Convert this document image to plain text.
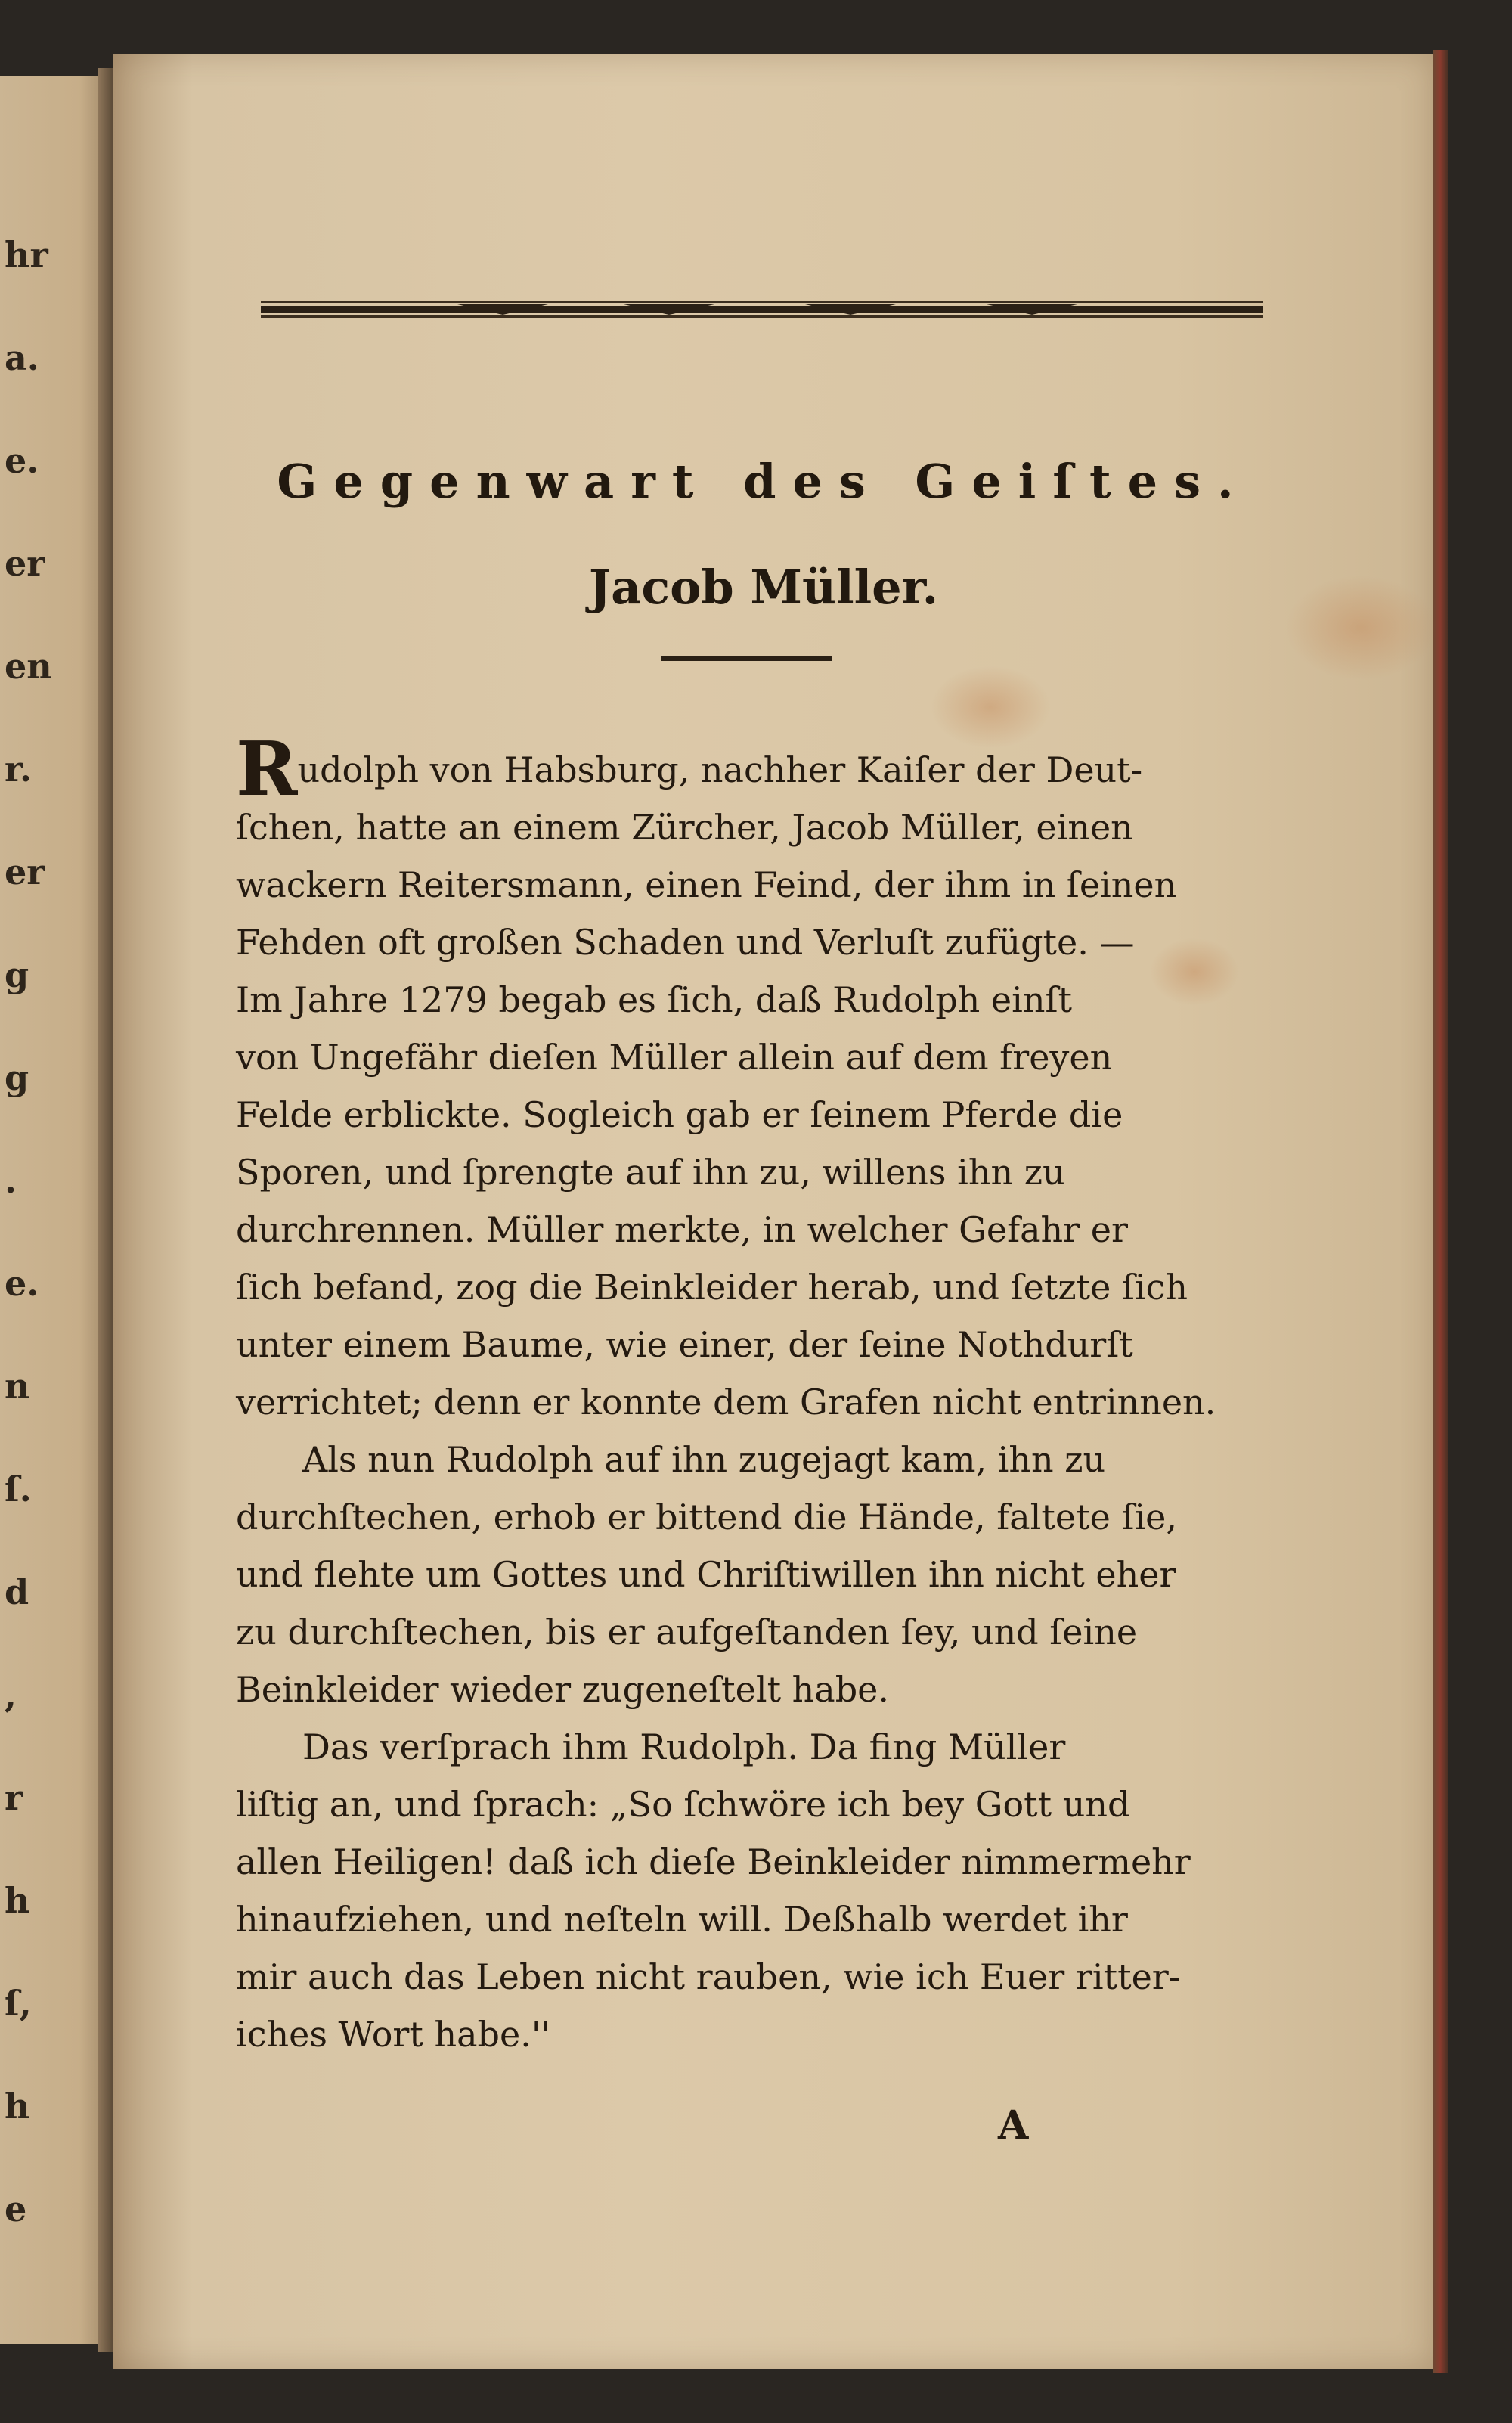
hr
a.
e.
er
en
r.
er
g
g
.
e.
n
ſ.
d
,
r
h
ſ,
h
e
Gegenwart des Geiſtes.
Jacob Müller.
Rudolph von Habsburg, nachher Kaiſer der Deut-
ſchen, hatte an einem Zürcher, Jacob Müller, einen
wackern Reitersmann, einen Feind, der ihm in ſeinen
Fehden oft großen Schaden und Verluſt zufügte. —
Im Jahre 1279 begab es ſich, daß Rudolph einſt
von Ungefähr dieſen Müller allein auf dem freyen
Felde erblickte. Sogleich gab er ſeinem Pferde die
Sporen, und ſprengte auf ihn zu, willens ihn zu
durchrennen. Müller merkte, in welcher Gefahr er
ſich befand, zog die Beinkleider herab, und ſetzte ſich
unter einem Baume, wie einer, der ſeine Nothdurſt
verrichtet; denn er konnte dem Grafen nicht entrinnen.
Als nun Rudolph auf ihn zugejagt kam, ihn zu
durchſtechen, erhob er bittend die Hände, faltete ſie,
und flehte um Gottes und Chriſtiwillen ihn nicht eher
zu durchſtechen, bis er aufgeſtanden ſey, und ſeine
Beinkleider wieder zugeneſtelt habe.
Das verſprach ihm Rudolph. Da fing Müller
liſtig an, und ſprach: „So ſchwöre ich bey Gott und
allen Heiligen! daß ich dieſe Beinkleider nimmermehr
hinaufziehen, und neſteln will. Deßhalb werdet ihr
mir auch das Leben nicht rauben, wie ich Euer ritter-
iches Wort habe.''
A
